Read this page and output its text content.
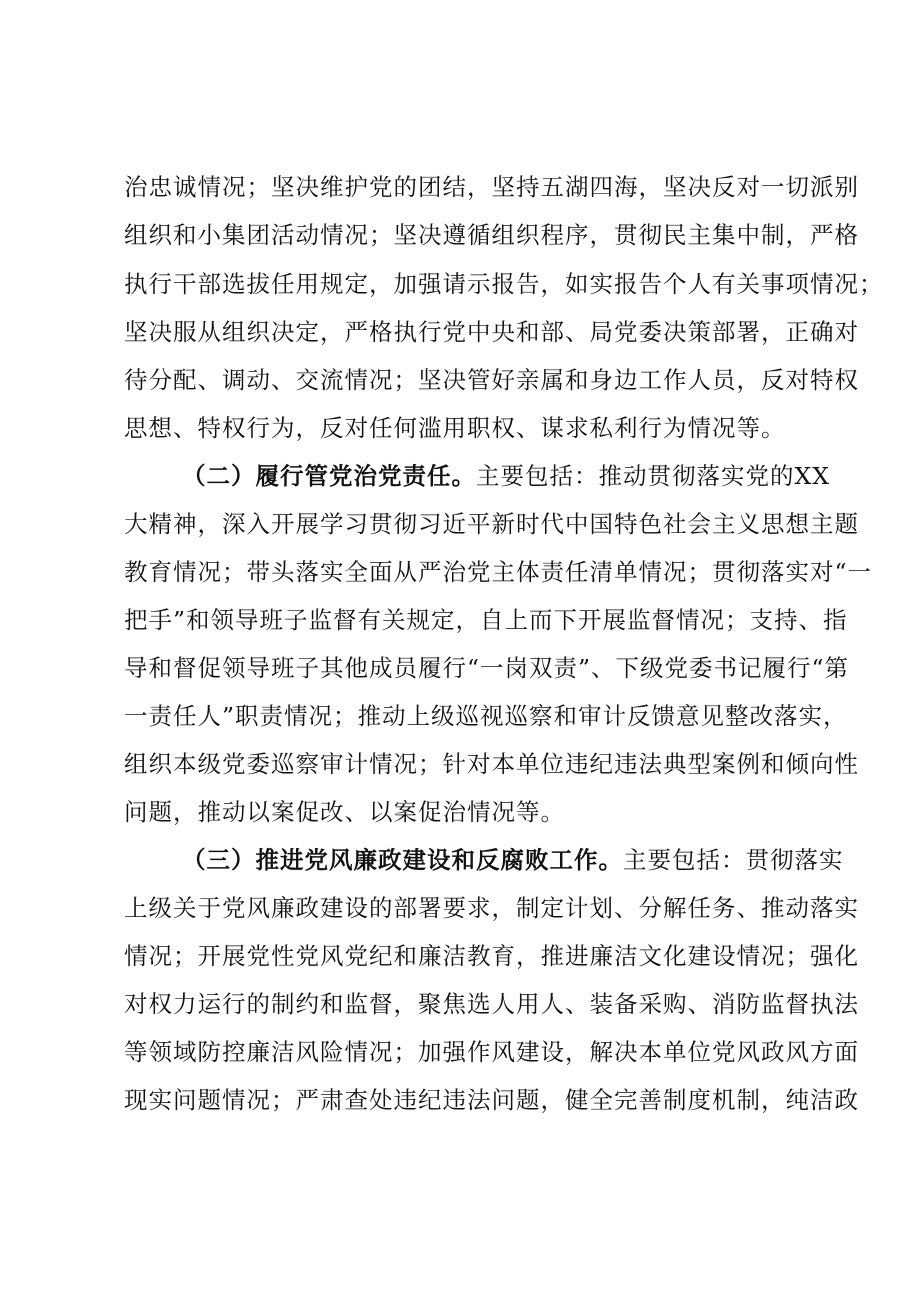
治忠诚情况；坚决维护党的团结，坚持五湖四海，坚决反对一切派别
组织和小集团活动情况；坚决遵循组织程序，贯彻民主集中制，严格
执行干部选拔任用规定，加强请示报告，如实报告个人有关事项情况；
坚决服从组织决定，严格执行党中央和部、局党委决策部署，正确对
待分配、调动、交流情况；坚决管好亲属和身边工作人员，反对特权
思想、特权行为，反对任何滥用职权、谋求私利行为情况等。
（二）履行管党治党责任。主要包括：推动贯彻落实党的XX
大精神，深入开展学习贯彻习近平新时代中国特色社会主义思想主题
教育情况；带头落实全面从严治党主体责任清单情况；贯彻落实对“一
把手”和领导班子监督有关规定，自上而下开展监督情况；支持、指
导和督促领导班子其他成员履行“一岗双责”、下级党委书记履行“第
一责任人”职责情况；推动上级巡视巡察和审计反馈意见整改落实，
组织本级党委巡察审计情况；针对本单位违纪违法典型案例和倾向性
问题，推动以案促改、以案促治情况等。
（三）推进党风廉政建设和反腐败工作。主要包括：贯彻落实
上级关于党风廉政建设的部署要求，制定计划、分解任务、推动落实
情况；开展党性党风党纪和廉洁教育，推进廉洁文化建设情况；强化
对权力运行的制约和监督，聚焦选人用人、装备采购、消防监督执法
等领域防控廉洁风险情况；加强作风建设，解决本单位党风政风方面
现实问题情况；严肃查处违纪违法问题，健全完善制度机制，纯洁政
